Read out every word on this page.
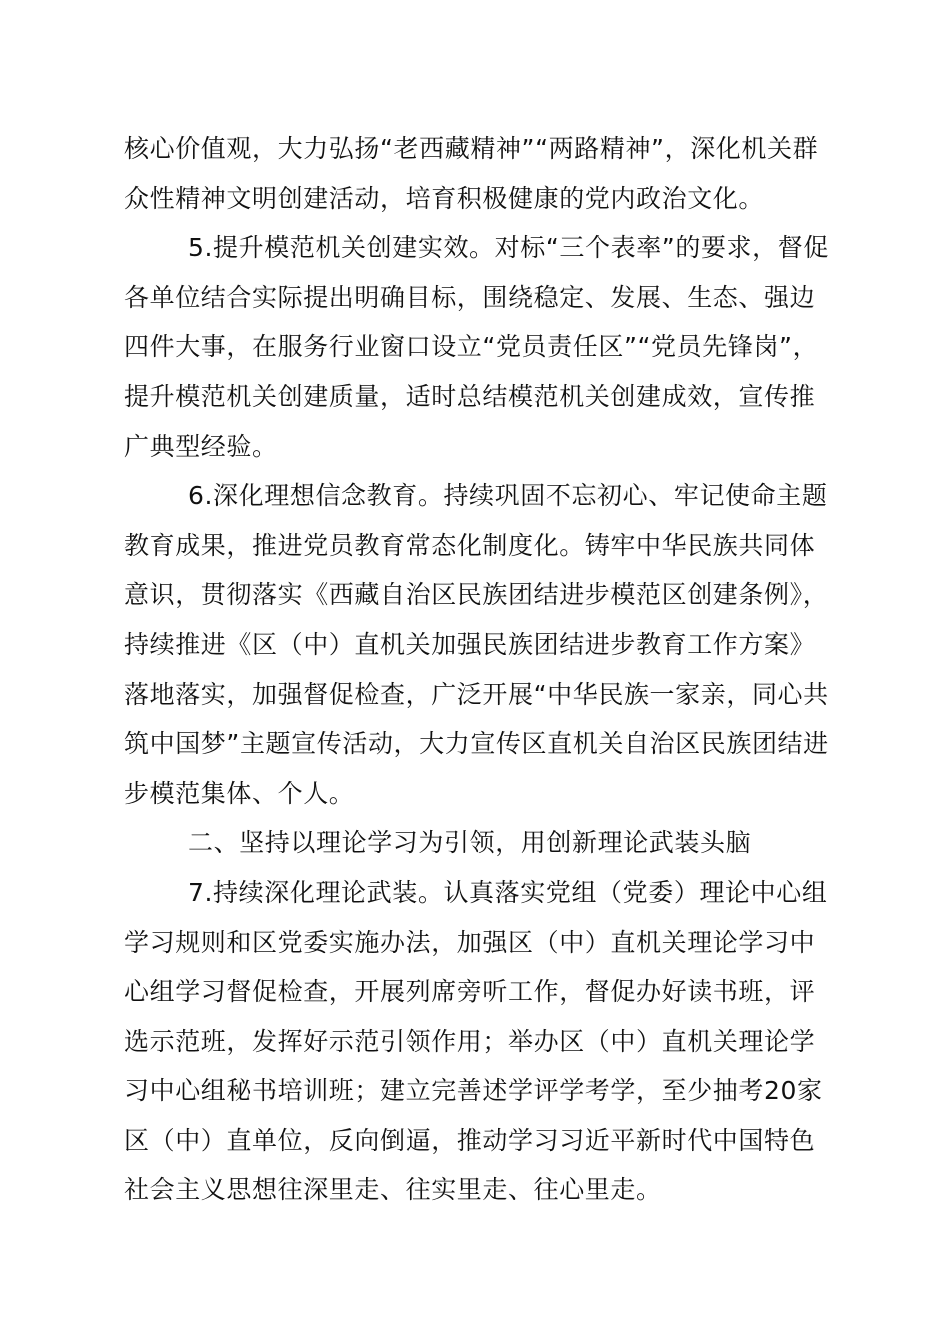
核心价值观，大力弘扬“老西藏精神”“两路精神”，深化机关群
众性精神文明创建活动，培育积极健康的党内政治文化。
5.提升模范机关创建实效。对标“三个表率”的要求，督促
各单位结合实际提出明确目标，围绕稳定、发展、生态、强边
四件大事，在服务行业窗口设立“党员责任区”“党员先锋岗”，
提升模范机关创建质量，适时总结模范机关创建成效，宣传推
广典型经验。
6.深化理想信念教育。持续巩固不忘初心、牢记使命主题
教育成果，推进党员教育常态化制度化。铸牢中华民族共同体
意识，贯彻落实《西藏自治区民族团结进步模范区创建条例》，
持续推进《区（中）直机关加强民族团结进步教育工作方案》
落地落实，加强督促检查，广泛开展“中华民族一家亲，同心共
筑中国梦”主题宣传活动，大力宣传区直机关自治区民族团结进
步模范集体、个人。
二、坚持以理论学习为引领，用创新理论武装头脑
7.持续深化理论武装。认真落实党组（党委）理论中心组
学习规则和区党委实施办法，加强区（中）直机关理论学习中
心组学习督促检查，开展列席旁听工作，督促办好读书班，评
选示范班，发挥好示范引领作用；举办区（中）直机关理论学
习中心组秘书培训班；建立完善述学评学考学，至少抽考20家
区（中）直单位，反向倒逼，推动学习习近平新时代中国特色
社会主义思想往深里走、往实里走、往心里走。
